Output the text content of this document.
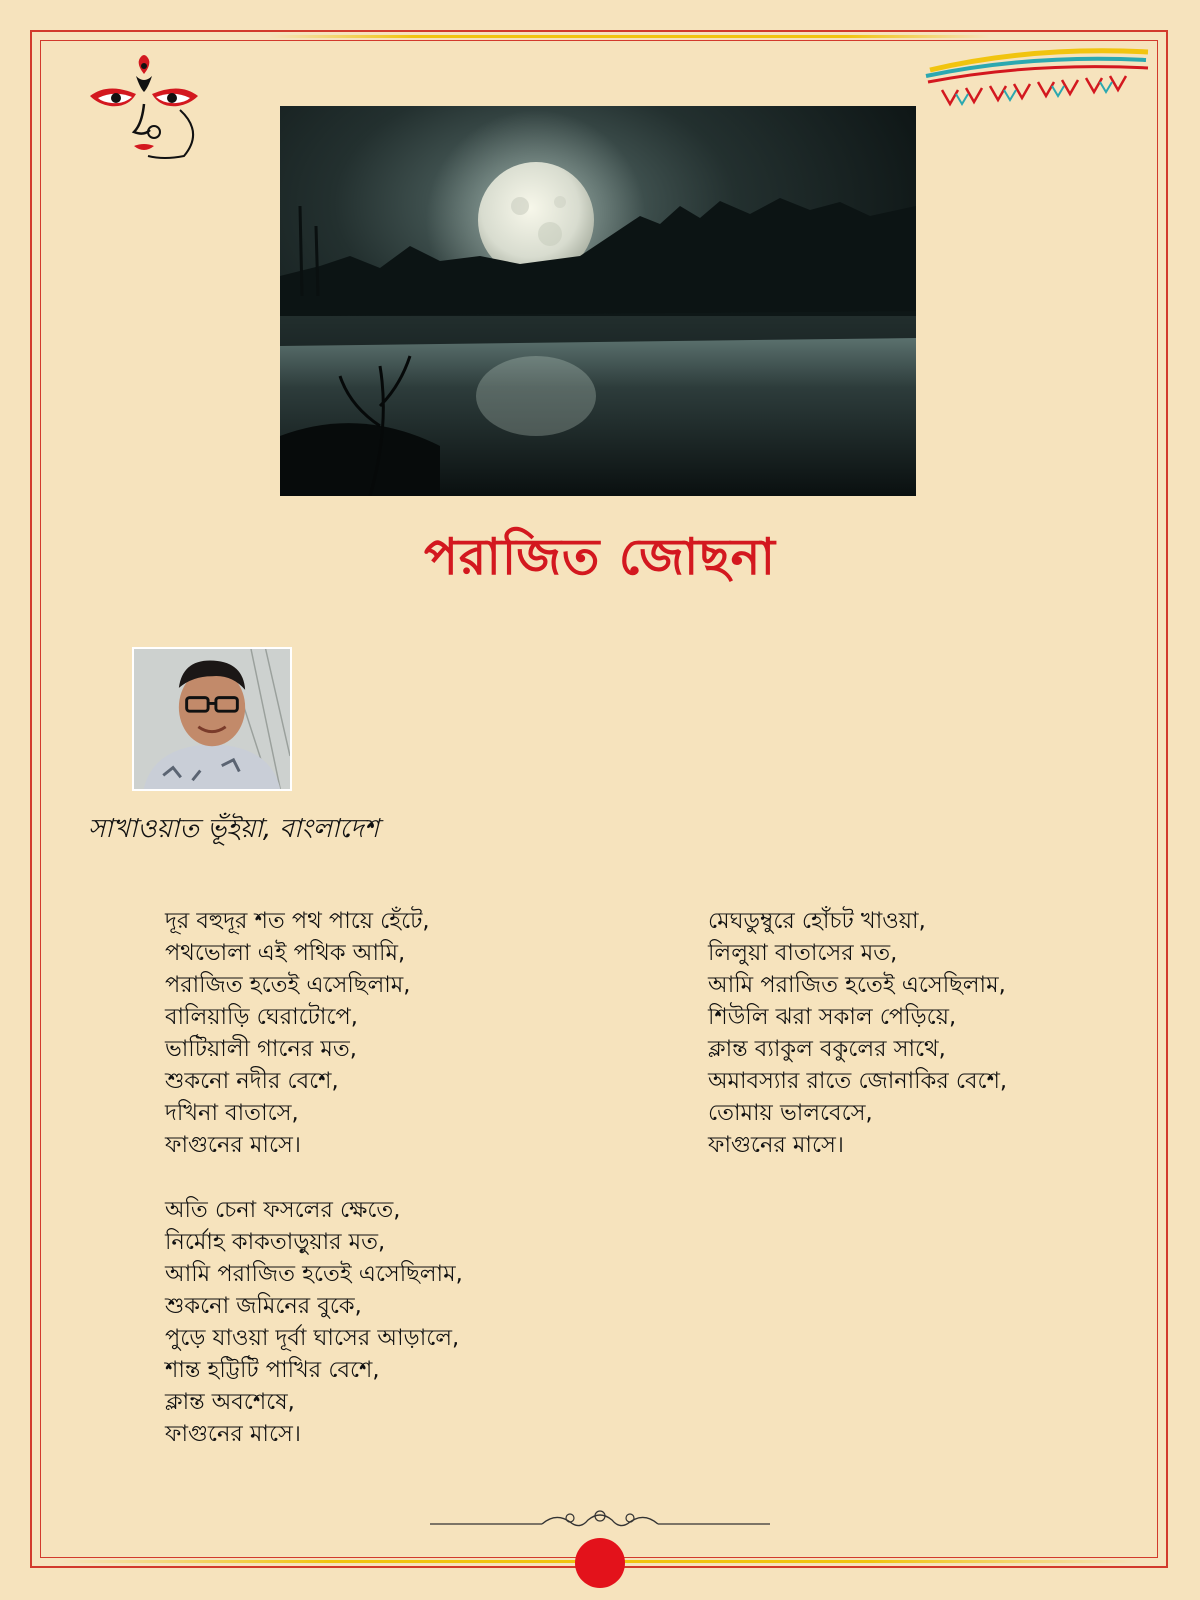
পরাজিত জোছনা
সাখাওয়াত ভূঁইয়া, বাংলাদেশ
দূর বহুদূর শত পথ পায়ে হেঁটে,
পথভোলা এই পথিক আমি,
পরাজিত হতেই এসেছিলাম,
বালিয়াড়ি ঘেরাটোপে,
ভাটিয়ালী গানের মত,
শুকনো নদীর বেশে,
দখিনা বাতাসে,
ফাগুনের মাসে।
অতি চেনা ফসলের ক্ষেতে,
নির্মোহ কাকতাড়ুয়ার মত,
আমি পরাজিত হতেই এসেছিলাম,
শুকনো জমিনের বুকে,
পুড়ে যাওয়া দূর্বা ঘাসের আড়ালে,
শান্ত হট্টিটি পাখির বেশে,
ক্লান্ত অবশেষে,
ফাগুনের মাসে।
মেঘডুম্বুরে হোঁচট খাওয়া,
লিলুয়া বাতাসের মত,
আমি পরাজিত হতেই এসেছিলাম,
শিউলি ঝরা সকাল পেড়িয়ে,
ক্লান্ত ব্যাকুল বকুলের সাথে,
অমাবস্যার রাতে জোনাকির বেশে,
তোমায় ভালবেসে,
ফাগুনের মাসে।
